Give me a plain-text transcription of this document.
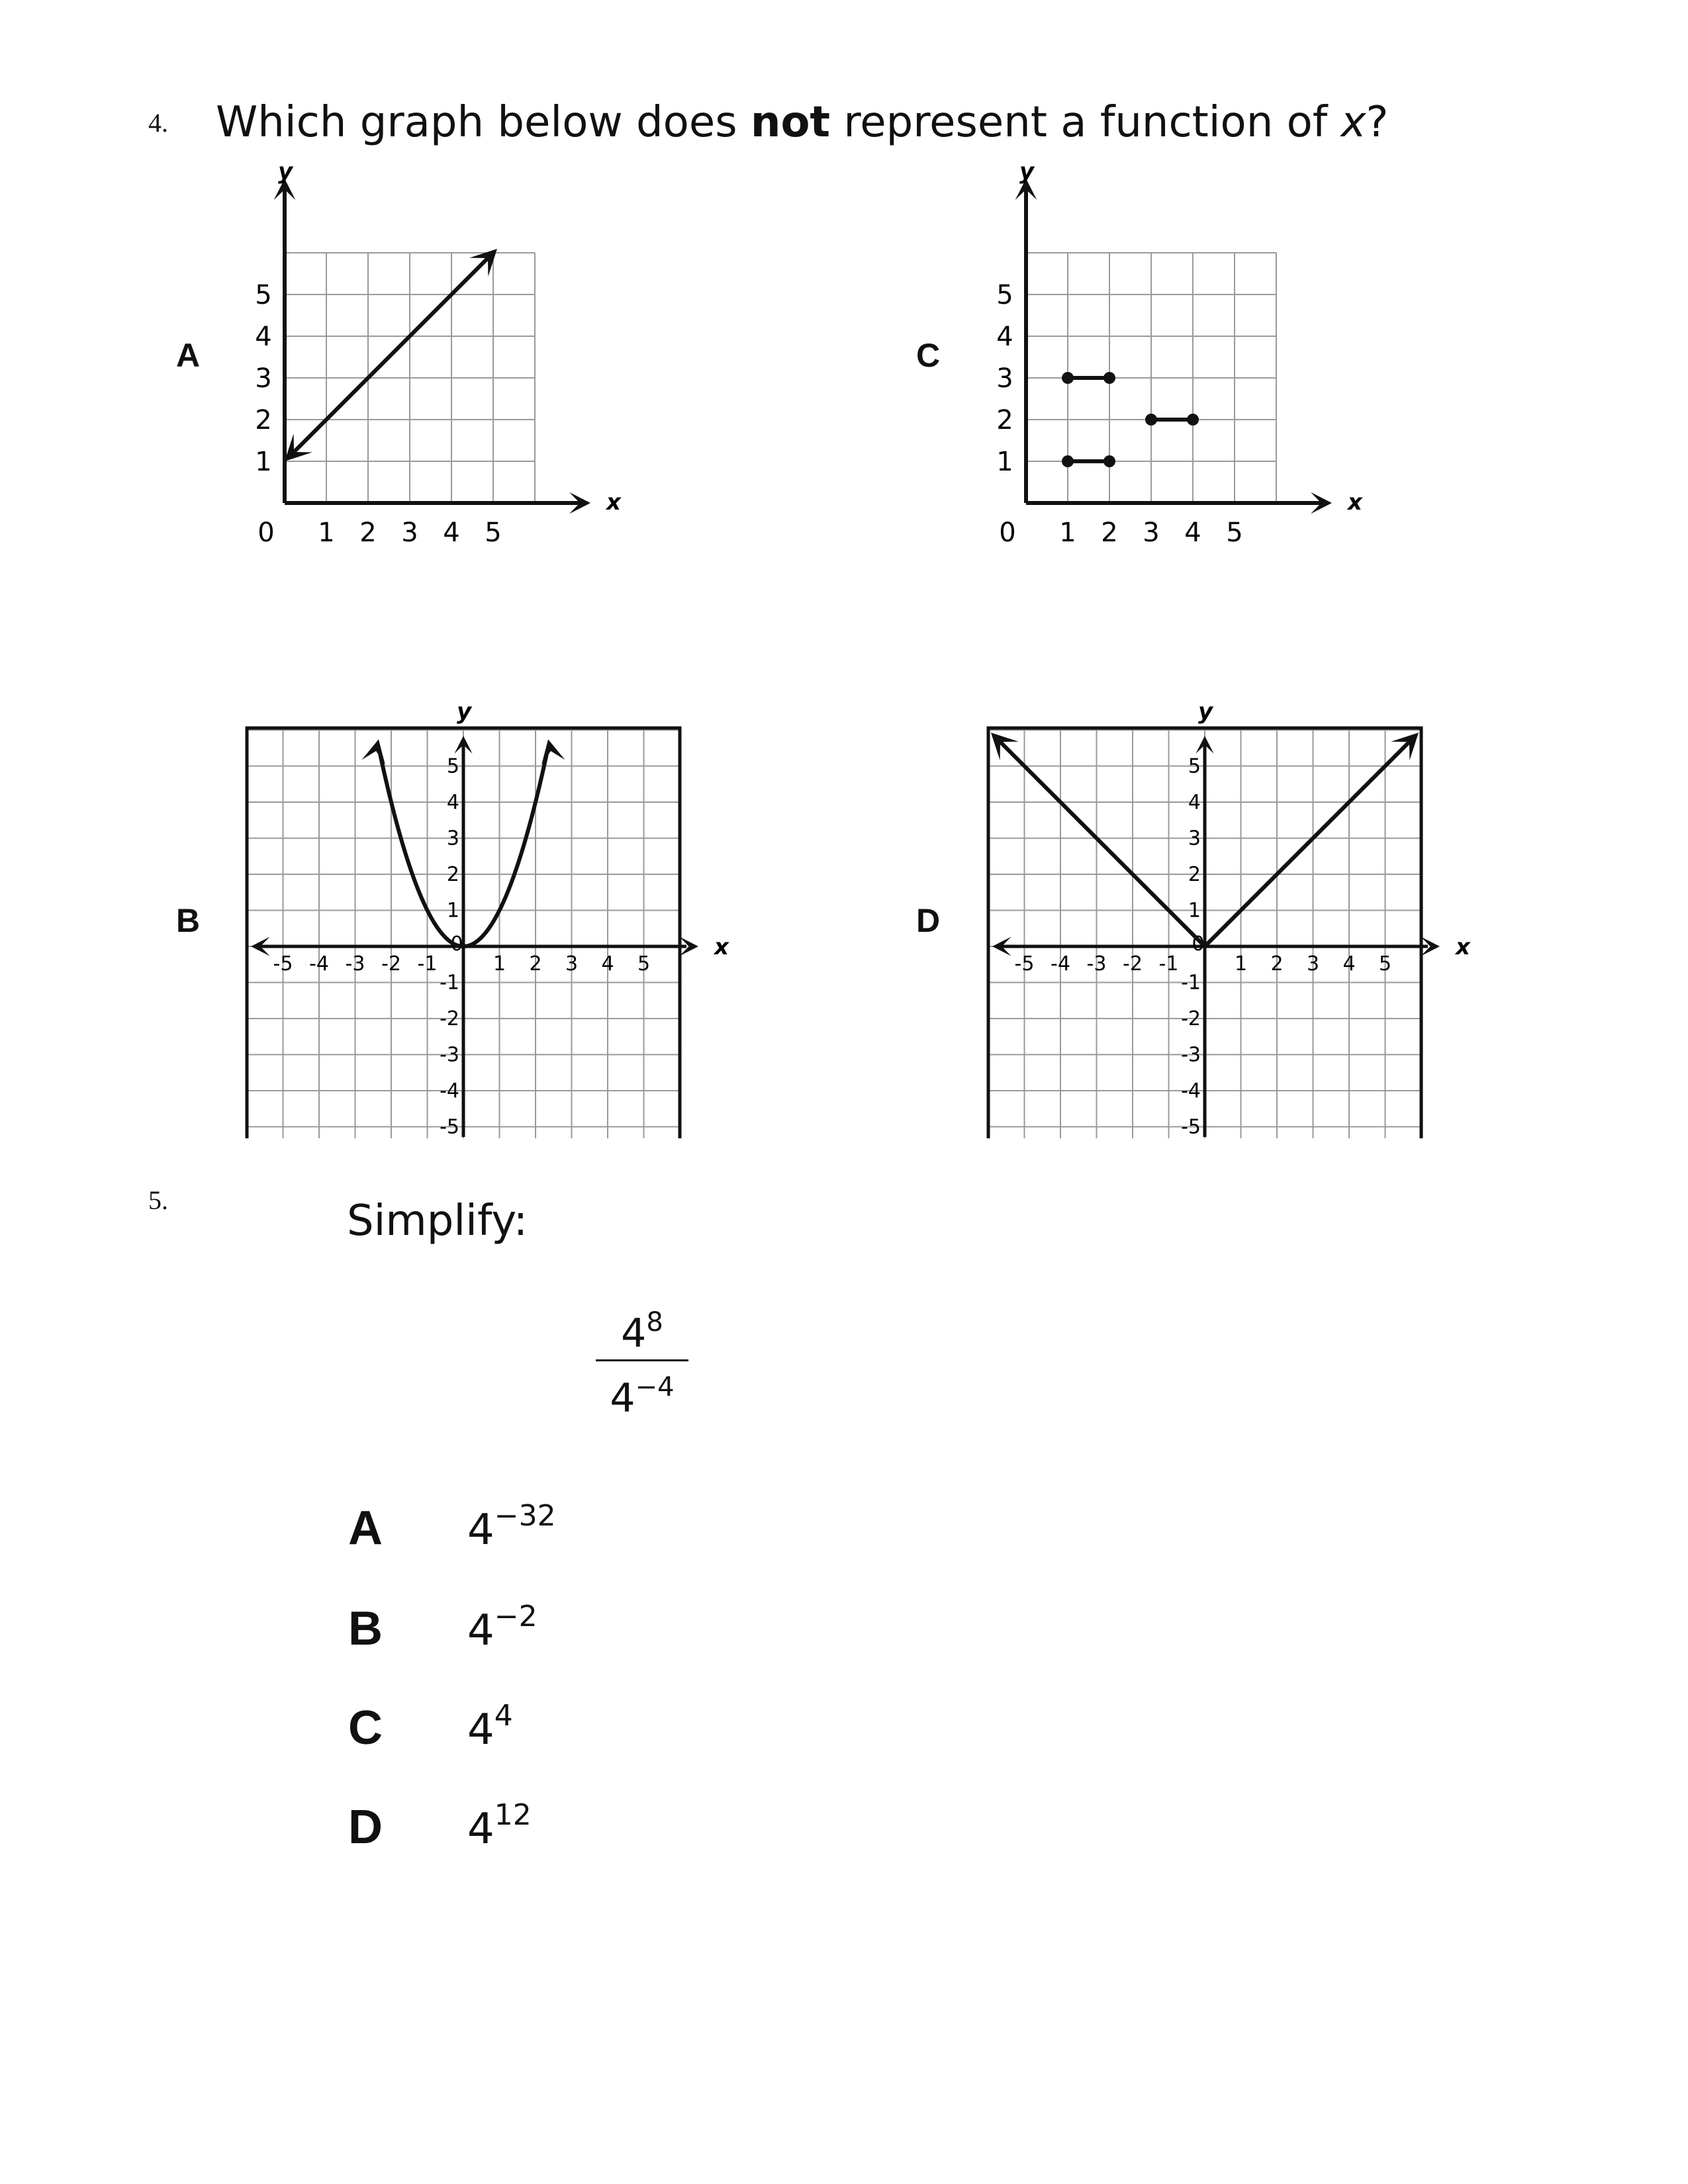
4. Which graph below does not represent a function of x?
A	C
B	D
x
y
0 1 2 3 4 5
1
2
3
4
5
x
y
0 1 2 3 4 5
1
2
3
4
5
x
y
-5 -4 -3 -2 -1
0
1 2 3 4 5
-5
-4
-3
-2
-1
1
2
3
4
5
x
y
-5 -4 -3 -2 -1
0
1 2 3 4 5
-5
-4
-3
-2
-1
1
2
3
4
5
5.	Simplify:
$4^8$
$4^{-4}$
A $4^{-32}$
B $4^{-2}$
C $4^4$
D $4^{12}$
